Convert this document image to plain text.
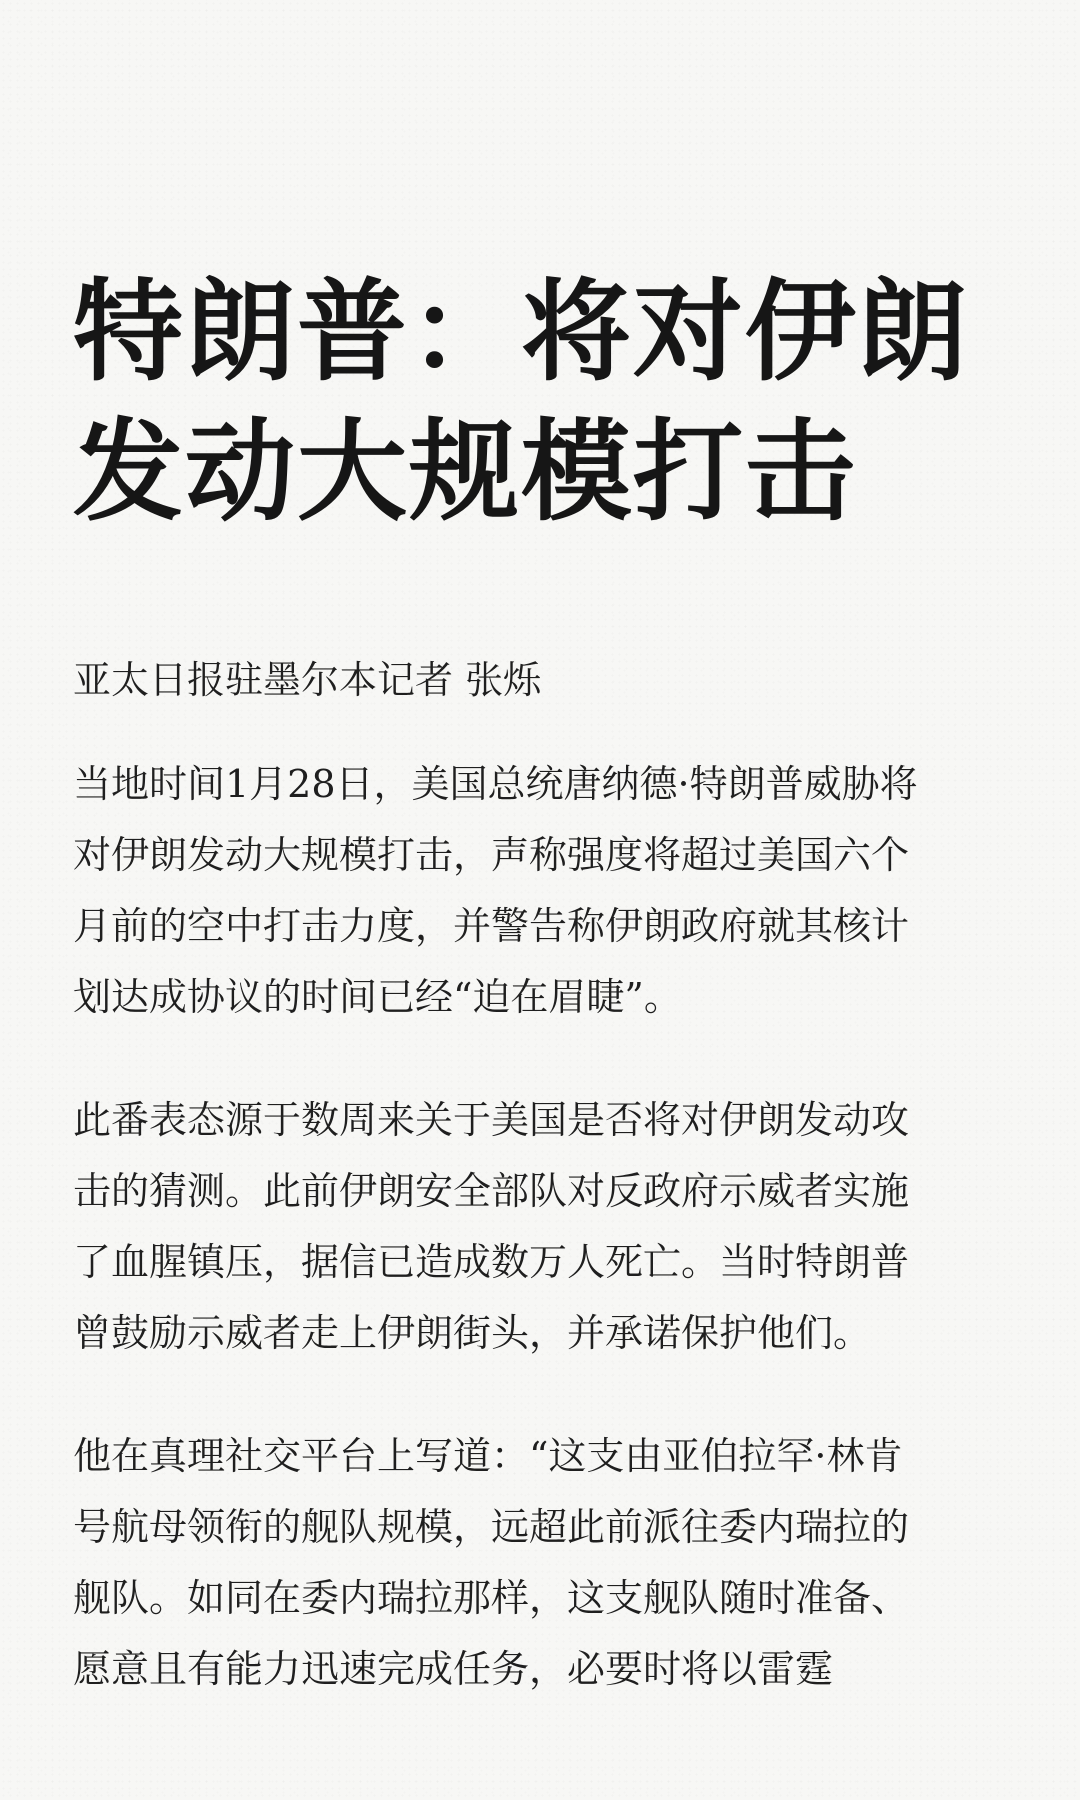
特朗普：将对伊朗
发动大规模打击

亚太日报驻墨尔本记者 张烁

当地时间1月28日，美国总统唐纳德·特朗普威胁将
对伊朗发动大规模打击，声称强度将超过美国六个
月前的空中打击力度，并警告称伊朗政府就其核计
划达成协议的时间已经“迫在眉睫”。

此番表态源于数周来关于美国是否将对伊朗发动攻
击的猜测。此前伊朗安全部队对反政府示威者实施
了血腥镇压，据信已造成数万人死亡。当时特朗普
曾鼓励示威者走上伊朗街头，并承诺保护他们。

他在真理社交平台上写道：“这支由亚伯拉罕·林肯
号航母领衔的舰队规模，远超此前派往委内瑞拉的
舰队。如同在委内瑞拉那样，这支舰队随时准备、
愿意且有能力迅速完成任务，必要时将以雷霆
